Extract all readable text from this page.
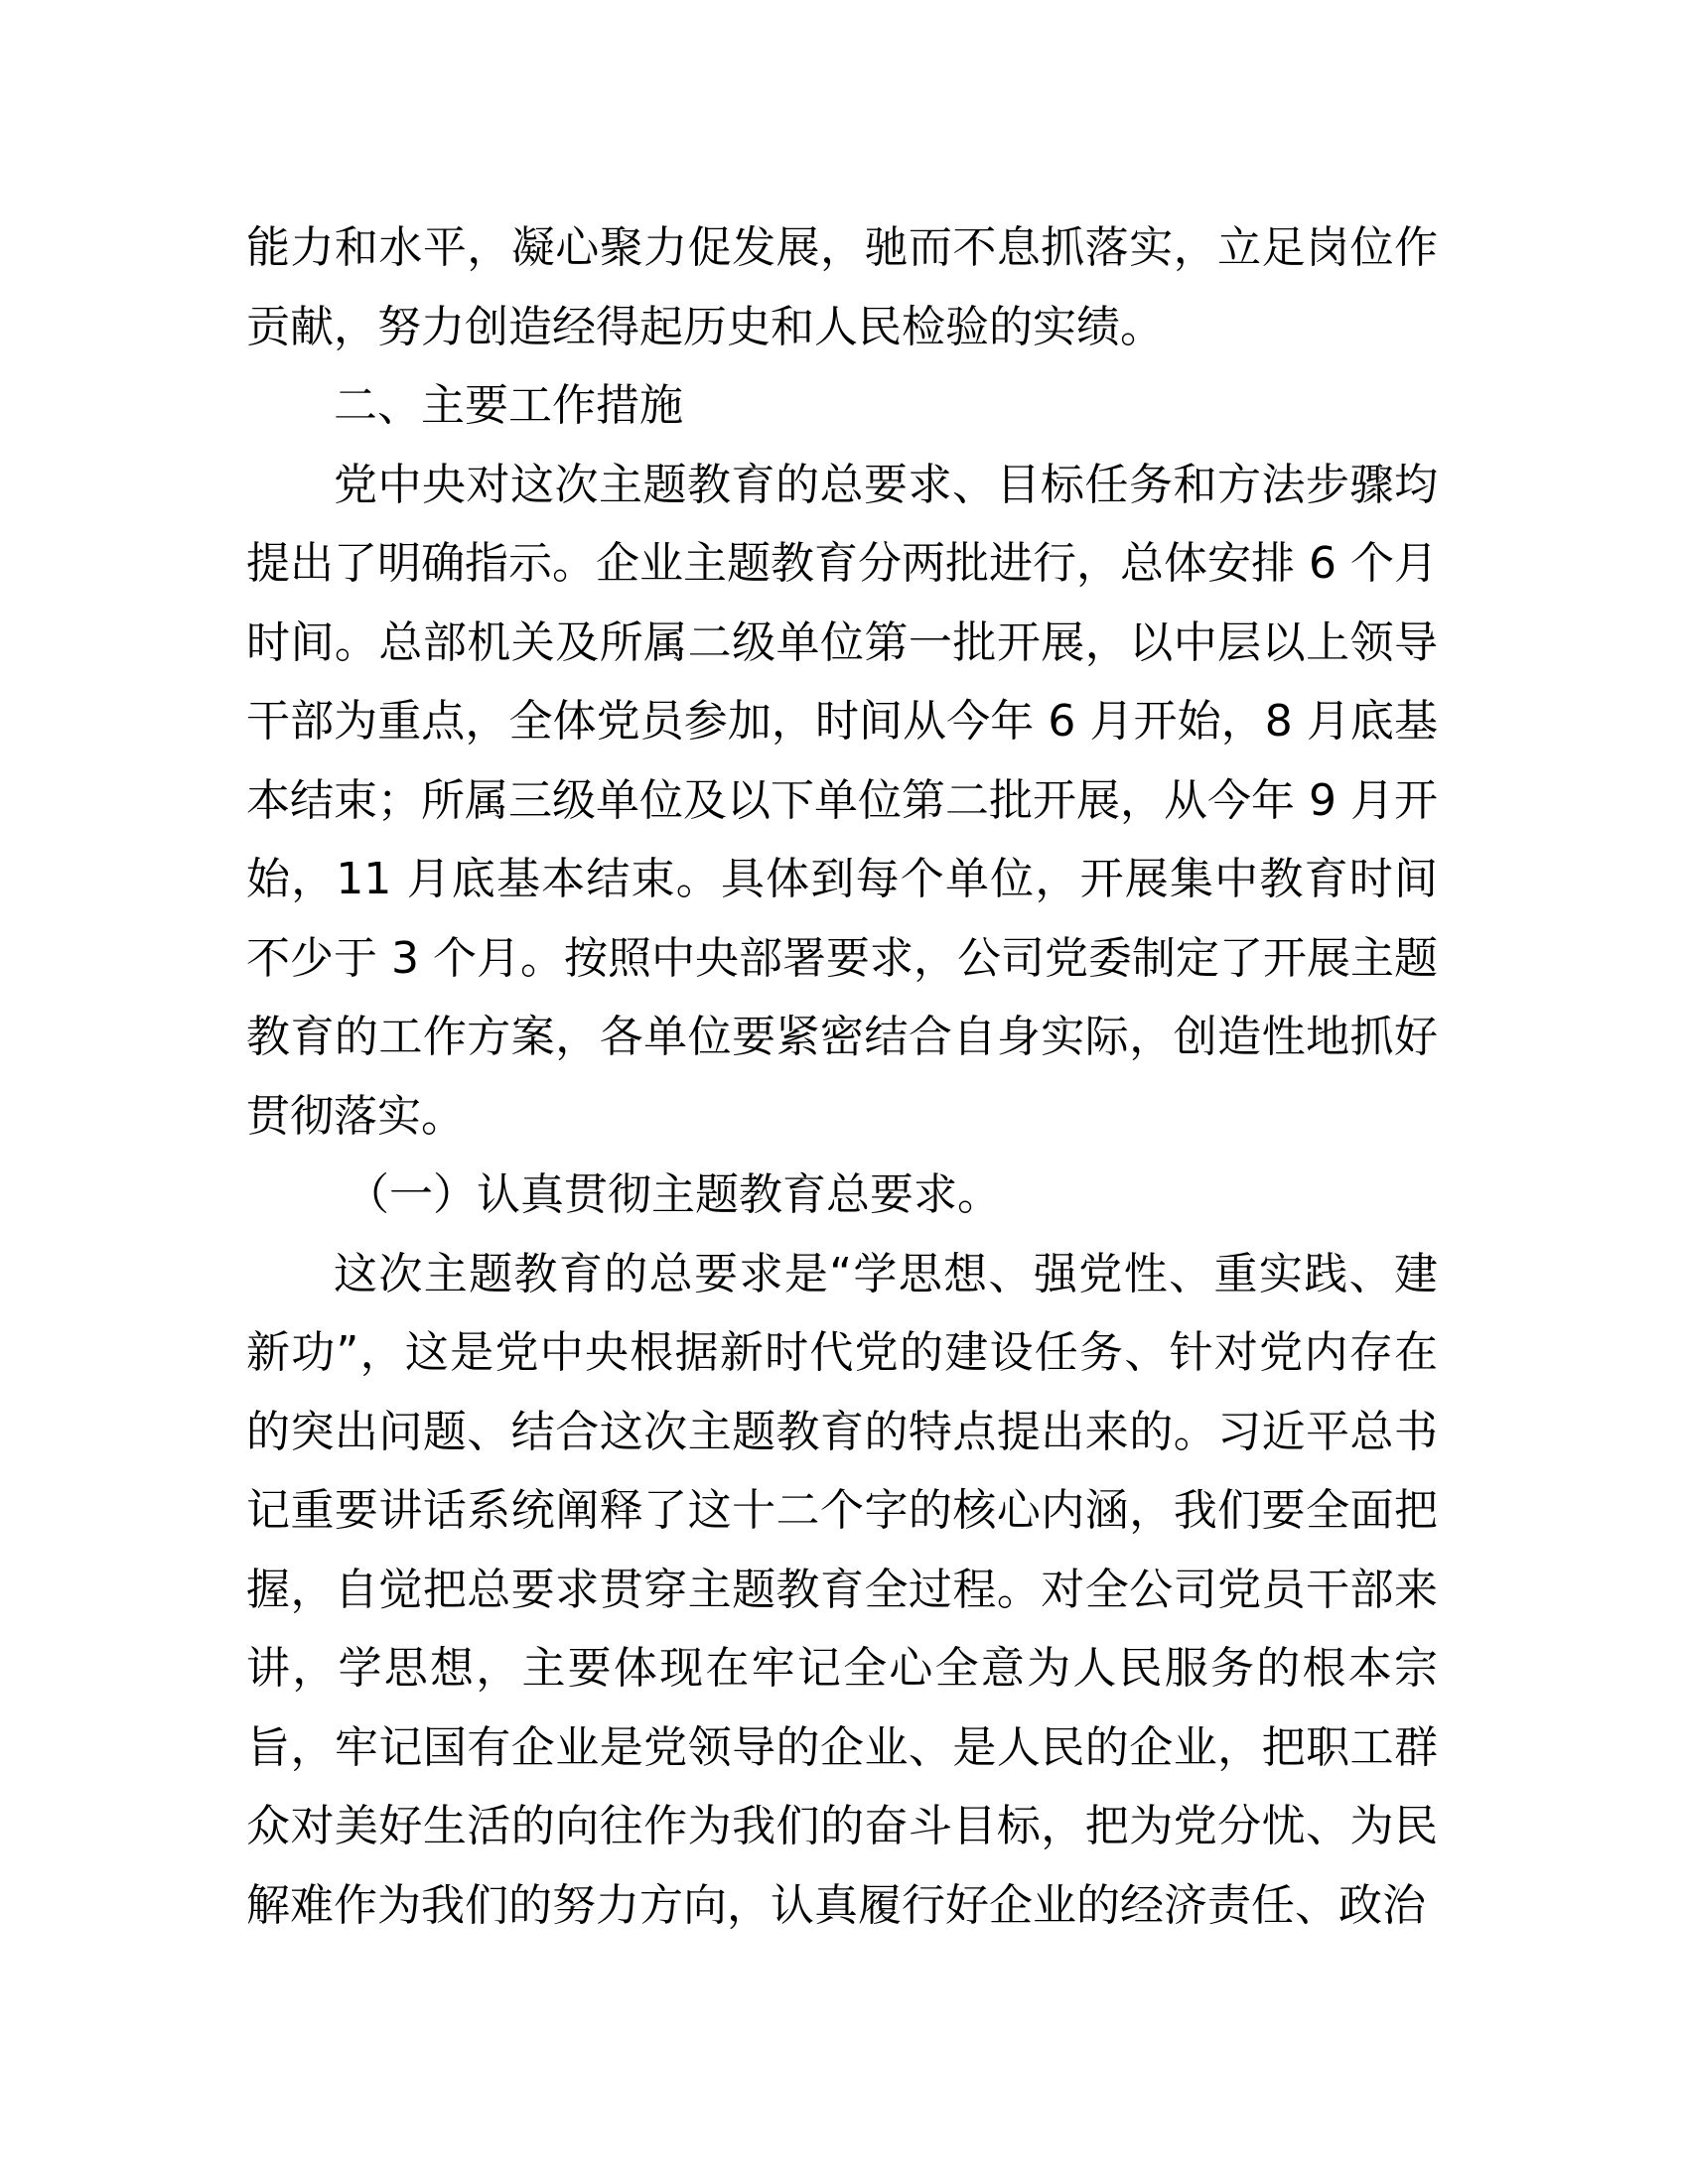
能力和水平，凝心聚力促发展，驰而不息抓落实，立足岗位作贡献，努力创造经得起历史和人民检验的实绩。

二、主要工作措施

党中央对这次主题教育的总要求、目标任务和方法步骤均提出了明确指示。企业主题教育分两批进行，总体安排 6 个月时间。总部机关及所属二级单位第一批开展，以中层以上领导干部为重点，全体党员参加，时间从今年 6 月开始，8 月底基本结束；所属三级单位及以下单位第二批开展，从今年 9 月开始，11 月底基本结束。具体到每个单位，开展集中教育时间不少于 3 个月。按照中央部署要求，公司党委制定了开展主题教育的工作方案，各单位要紧密结合自身实际，创造性地抓好贯彻落实。

（一）认真贯彻主题教育总要求。

这次主题教育的总要求是“学思想、强党性、重实践、建新功”，这是党中央根据新时代党的建设任务、针对党内存在的突出问题、结合这次主题教育的特点提出来的。习近平总书记重要讲话系统阐释了这十二个字的核心内涵，我们要全面把握，自觉把总要求贯穿主题教育全过程。对全公司党员干部来讲，学思想，主要体现在牢记全心全意为人民服务的根本宗旨，牢记国有企业是党领导的企业、是人民的企业，把职工群众对美好生活的向往作为我们的奋斗目标，把为党分忧、为民解难作为我们的努力方向，认真履行好企业的经济责任、政治
